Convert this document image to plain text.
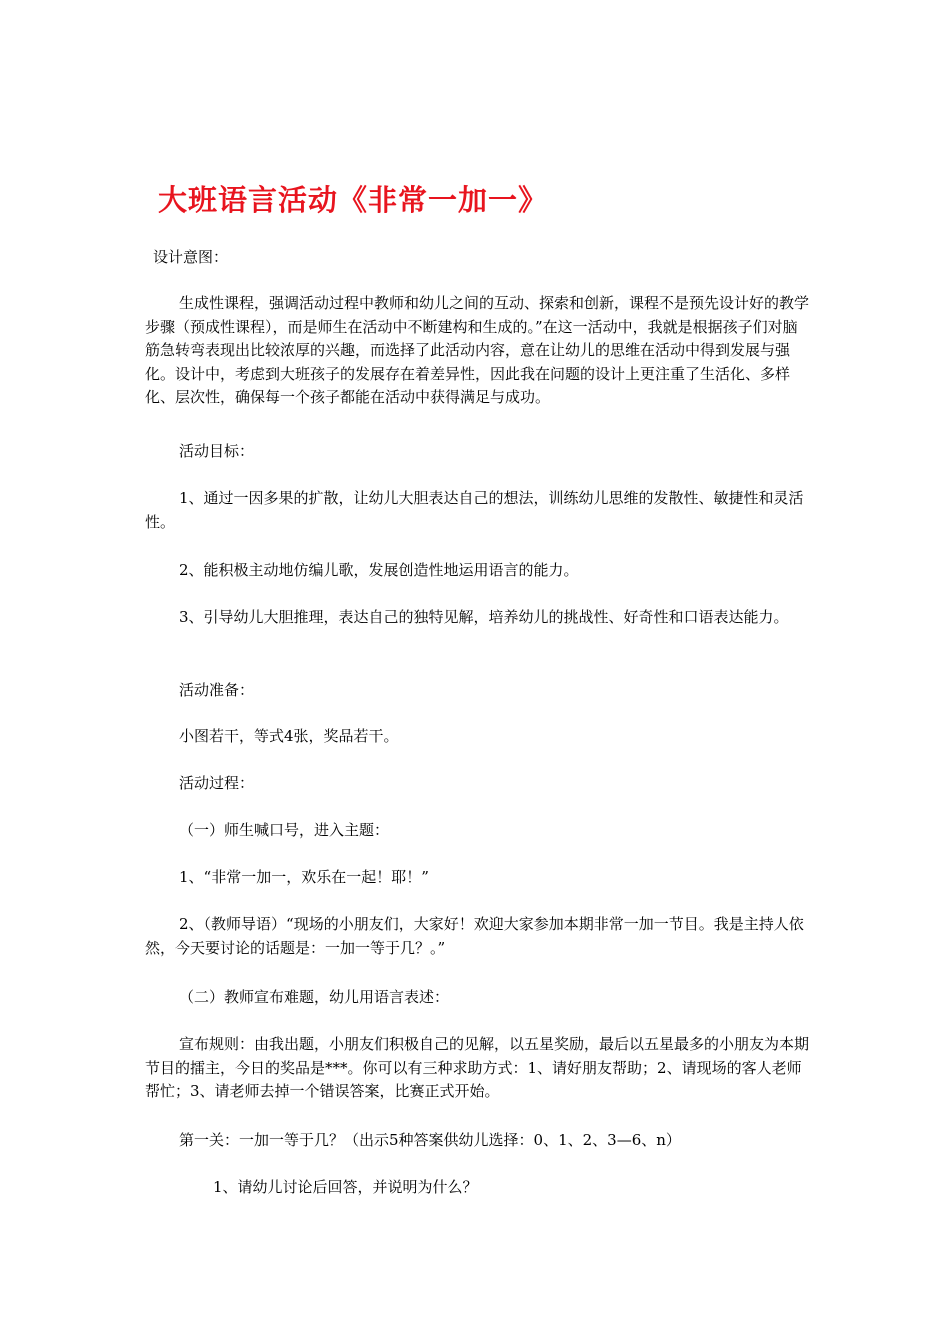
大班语言活动《非常一加一》

设计意图：

生成性课程，强调活动过程中教师和幼儿之间的互动、探索和创新，课程不是预先设计好的教学步骤（预成性课程），而是师生在活动中不断建构和生成的。”在这一活动中，我就是根据孩子们对脑筋急转弯表现出比较浓厚的兴趣，而选择了此活动内容，意在让幼儿的思维在活动中得到发展与强化。设计中，考虑到大班孩子的发展存在着差异性，因此我在问题的设计上更注重了生活化、多样化、层次性，确保每一个孩子都能在活动中获得满足与成功。

活动目标：

1、通过一因多果的扩散，让幼儿大胆表达自己的想法，训练幼儿思维的发散性、敏捷性和灵活性。

2、能积极主动地仿编儿歌，发展创造性地运用语言的能力。

3、引导幼儿大胆推理，表达自己的独特见解，培养幼儿的挑战性、好奇性和口语表达能力。

活动准备：

小图若干，等式4张，奖品若干。

活动过程：

（一）师生喊口号，进入主题：

1、“非常一加一，欢乐在一起！耶！”

2、（教师导语）“现场的小朋友们，大家好！欢迎大家参加本期非常一加一节目。我是主持人依然，今天要讨论的话题是：一加一等于几？。”

（二）教师宣布难题，幼儿用语言表述：

宣布规则：由我出题，小朋友们积极自己的见解，以五星奖励，最后以五星最多的小朋友为本期节目的擂主，今日的奖品是***。你可以有三种求助方式：1、请好朋友帮助；2、请现场的客人老师帮忙；3、请老师去掉一个错误答案，比赛正式开始。

第一关：一加一等于几？（出示5种答案供幼儿选择：0、1、2、3—6、n）

1、请幼儿讨论后回答，并说明为什么？
